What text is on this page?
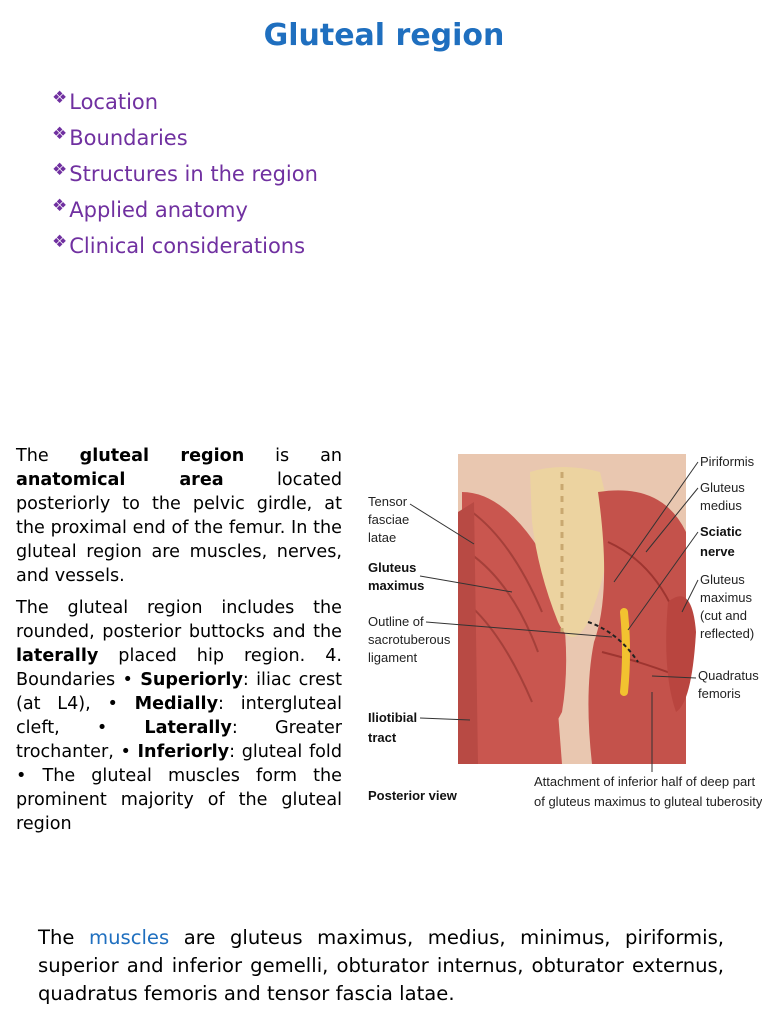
Gluteal region
❖ Location
❖ Boundaries
❖ Structures in the region
❖ Applied anatomy
❖ Clinical considerations

The gluteal region is an anatomical area located posteriorly to the pelvic girdle, at the proximal end of the femur. In the gluteal region are muscles, nerves, and vessels.

The gluteal region includes the rounded, posterior buttocks and the laterally placed hip region. 4. Boundaries • Superiorly: iliac crest (at L4), • Medially: intergluteal cleft, • Laterally: Greater trochanter, • Inferiorly: gluteal fold • The gluteal muscles form the prominent majority of the gluteal region

Tensor
fasciae
latae
Gluteus
maximus
Outline of
sacrotuberous
ligament
Iliotibial
tract
Posterior view
Piriformis
Gluteus
medius
Sciatic
nerve
Gluteus
maximus
(cut and
reflected)
Quadratus
femoris
Attachment of inferior half of deep part
of gluteus maximus to gluteal tuberosity

The muscles are gluteus maximus, medius, minimus, piriformis, superior and inferior gemelli, obturator internus, obturator externus, quadratus femoris and tensor fascia latae.
